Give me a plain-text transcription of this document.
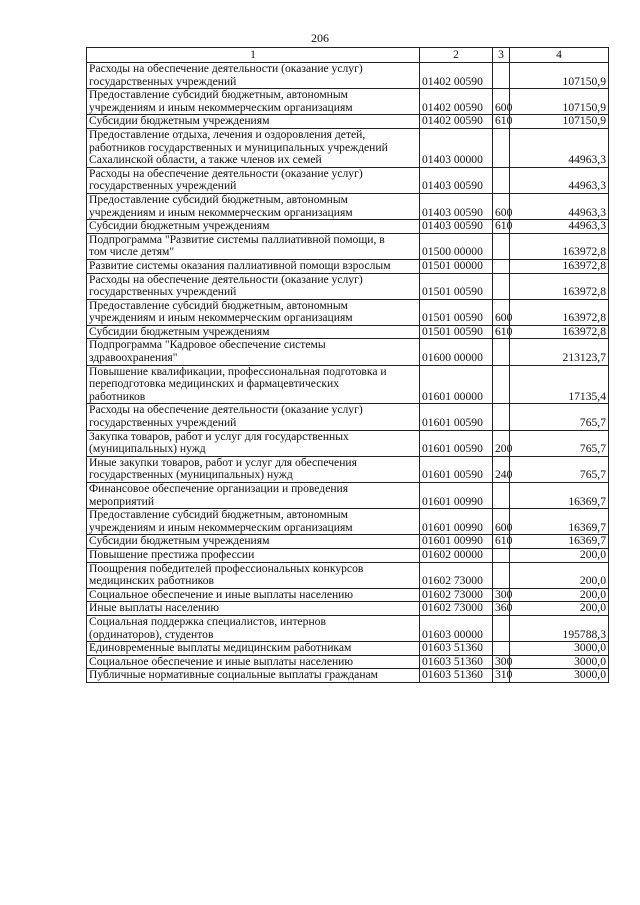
206
1	2	3	4
Расходы на обеспечение деятельности (оказание услуг)
государственных учреждений	01402 00590		107150,9
Предоставление субсидий бюджетным, автономным
учреждениям и иным некоммерческим организациям	01402 00590	600	107150,9
Субсидии бюджетным учреждениям	01402 00590	610	107150,9
Предоставление отдыха, лечения и оздоровления детей,
работников государственных и муниципальных учреждений
Сахалинской области, а также членов их семей	01403 00000		44963,3
Расходы на обеспечение деятельности (оказание услуг)
государственных учреждений	01403 00590		44963,3
Предоставление субсидий бюджетным, автономным
учреждениям и иным некоммерческим организациям	01403 00590	600	44963,3
Субсидии бюджетным учреждениям	01403 00590	610	44963,3
Подпрограмма "Развитие системы паллиативной помощи, в
том числе детям"	01500 00000		163972,8
Развитие системы оказания паллиативной помощи взрослым	01501 00000		163972,8
Расходы на обеспечение деятельности (оказание услуг)
государственных учреждений	01501 00590		163972,8
Предоставление субсидий бюджетным, автономным
учреждениям и иным некоммерческим организациям	01501 00590	600	163972,8
Субсидии бюджетным учреждениям	01501 00590	610	163972,8
Подпрограмма "Кадровое обеспечение системы
здравоохранения"	01600 00000		213123,7
Повышение квалификации, профессиональная подготовка и
переподготовка медицинских и фармацевтических
работников	01601 00000		17135,4
Расходы на обеспечение деятельности (оказание услуг)
государственных учреждений	01601 00590		765,7
Закупка товаров, работ и услуг для государственных
(муниципальных) нужд	01601 00590	200	765,7
Иные закупки товаров, работ и услуг для обеспечения
государственных (муниципальных) нужд	01601 00590	240	765,7
Финансовое обеспечение организации и проведения
мероприятий	01601 00990		16369,7
Предоставление субсидий бюджетным, автономным
учреждениям и иным некоммерческим организациям	01601 00990	600	16369,7
Субсидии бюджетным учреждениям	01601 00990	610	16369,7
Повышение престижа профессии	01602 00000		200,0
Поощрения победителей профессиональных конкурсов
медицинских работников	01602 73000		200,0
Социальное обеспечение и иные выплаты населению	01602 73000	300	200,0
Иные выплаты населению	01602 73000	360	200,0
Социальная поддержка специалистов, интернов
(ординаторов), студентов	01603 00000		195788,3
Единовременные выплаты медицинским работникам	01603 51360		3000,0
Социальное обеспечение и иные выплаты населению	01603 51360	300	3000,0
Публичные нормативные социальные выплаты гражданам	01603 51360	310	3000,0
